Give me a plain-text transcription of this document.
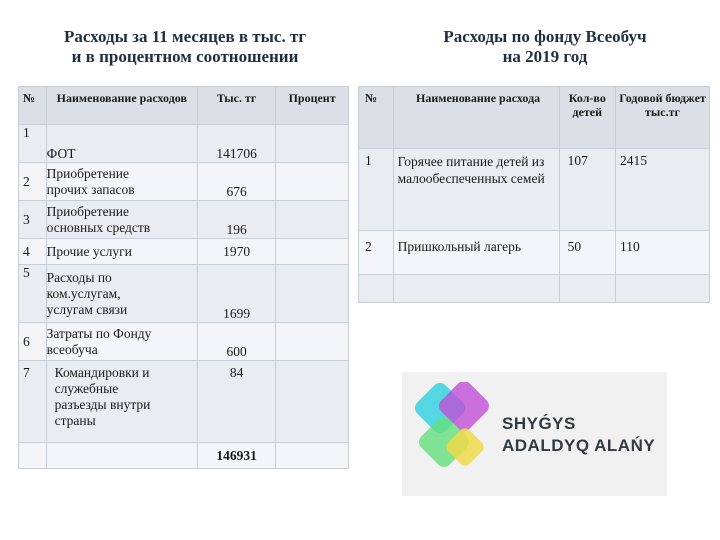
Расходы за 11 месяцев в тыс. тг
и в процентном соотношении
Расходы по фонду Всеобуч
на 2019 год
№	Наименование расходов	Тыс. тг	Процент
1	ФОТ	141706	
2	Приобретение
прочих запасов	676	
3	Приобретение
основных средств	196	
4	Прочие услуги	1970	
5	Расходы по
ком.услугам,
услугам связи	1699	
6	Затраты по Фонду
всеобуча	600	
7	Командировки и
служебные
разъезды внутри
страны	84	
		146931	
№	Наименование расхода	Кол-во детей	Годовой бюджет тыс.тг
1	Горячее питание детей из малообеспеченных семей	107	2415
2	Пришкольный лагерь	50	110

SHYǴYS
ADALDYQ ALAŃY
